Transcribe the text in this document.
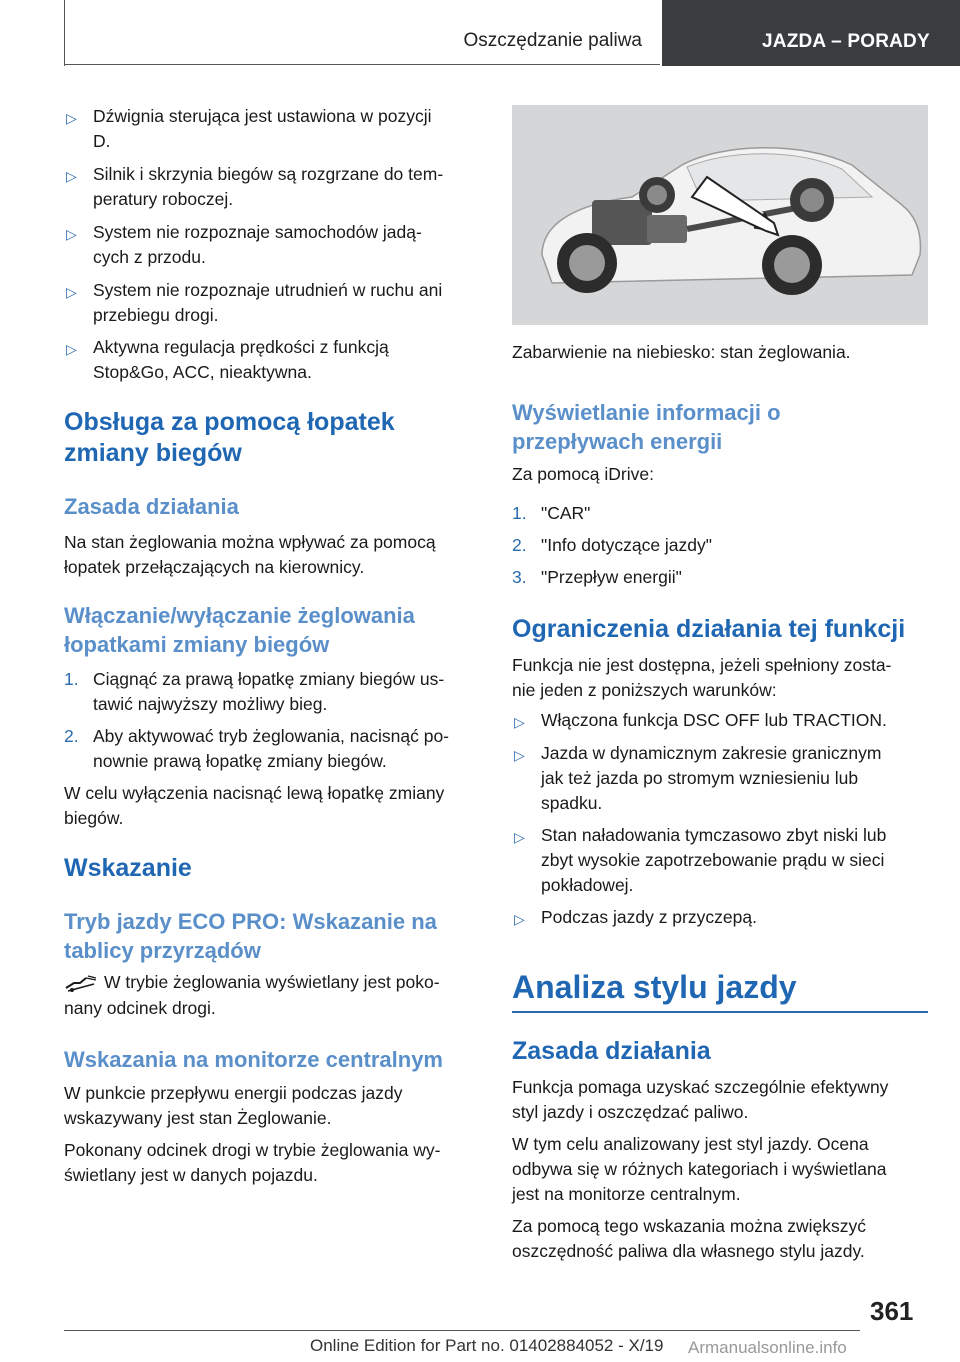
Oszczędzanie paliwa	JAZDA – PORADY
▷ Dźwignia sterująca jest ustawiona w pozycji
D.
▷ Silnik i skrzynia biegów są rozgrzane do tem-
peratury roboczej.
▷ System nie rozpoznaje samochodów jadą-
cych z przodu.
▷ System nie rozpoznaje utrudnień w ruchu ani
przebiegu drogi.
▷ Aktywna regulacja prędkości z funkcją
Stop&Go, ACC, nieaktywna.
Obsługa za pomocą łopatek
zmiany biegów
Zasada działania
Na stan żeglowania można wpływać za pomocą
łopatek przełączających na kierownicy.
Włączanie/wyłączanie żeglowania
łopatkami zmiany biegów
1. Ciągnąć za prawą łopatkę zmiany biegów us-
tawić najwyższy możliwy bieg.
2. Aby aktywować tryb żeglowania, nacisnąć po-
nownie prawą łopatkę zmiany biegów.
W celu wyłączenia nacisnąć lewą łopatkę zmiany
biegów.
Wskazanie
Tryb jazdy ECO PRO: Wskazanie na
tablicy przyrządów
W trybie żeglowania wyświetlany jest poko-
nany odcinek drogi.
Wskazania na monitorze centralnym
W punkcie przepływu energii podczas jazdy
wskazywany jest stan Żeglowanie.
Pokonany odcinek drogi w trybie żeglowania wy-
świetlany jest w danych pojazdu.
Zabarwienie na niebiesko: stan żeglowania.
Wyświetlanie informacji o
przepływach energii
Za pomocą iDrive:
1. "CAR"
2. "Info dotyczące jazdy"
3. "Przepływ energii"
Ograniczenia działania tej funkcji
Funkcja nie jest dostępna, jeżeli spełniony zosta-
nie jeden z poniższych warunków:
▷ Włączona funkcja DSC OFF lub TRACTION.
▷ Jazda w dynamicznym zakresie granicznym
jak też jazda po stromym wzniesieniu lub
spadku.
▷ Stan naładowania tymczasowo zbyt niski lub
zbyt wysokie zapotrzebowanie prądu w sieci
pokładowej.
▷ Podczas jazdy z przyczepą.
Analiza stylu jazdy
Zasada działania
Funkcja pomaga uzyskać szczególnie efektywny
styl jazdy i oszczędzać paliwo.
W tym celu analizowany jest styl jazdy. Ocena
odbywa się w różnych kategoriach i wyświetlana
jest na monitorze centralnym.
Za pomocą tego wskazania można zwiększyć
oszczędność paliwa dla własnego stylu jazdy.
361
Online Edition for Part no. 01402884052 - X/19 Armanualsonline.info
